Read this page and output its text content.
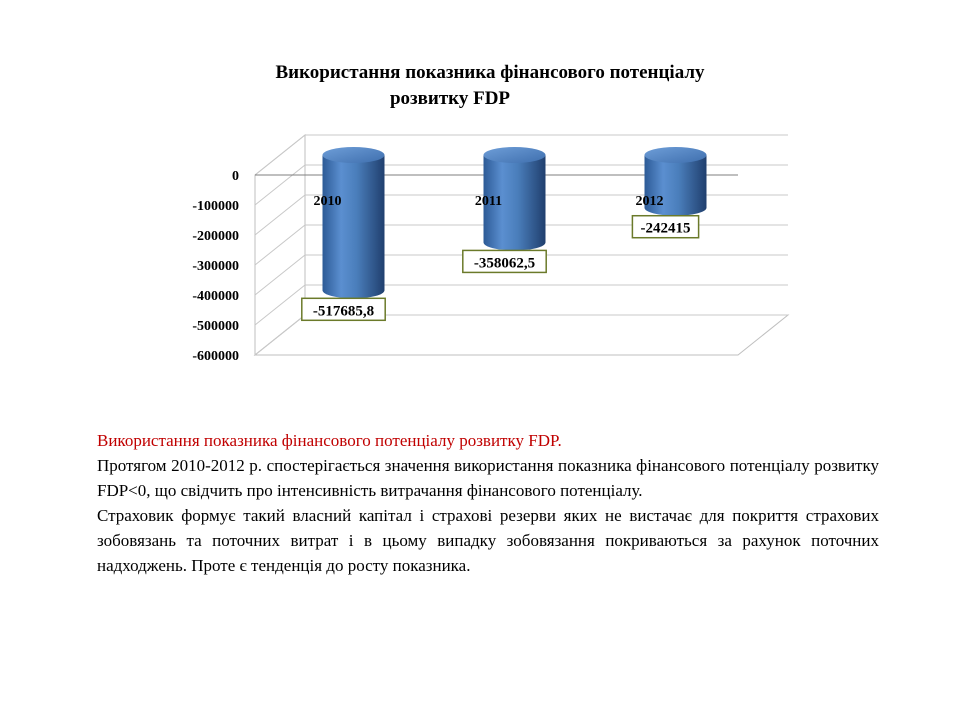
Використання показника фінансового потенціалу
розвитку FDP
0
-100000
-200000
-300000
-400000
-500000
-600000
2010	2011	2012
-517685,8
-358062,5
-242415

Використання показника фінансового потенціалу розвитку FDP.

Протягом 2010-2012 р. спостерігається значення використання показника фінансового потенціалу розвитку FDP<0, що свідчить про інтенсивність витрачання фінансового потенціалу.

Страховик формує такий власний капітал і страхові резерви яких не вистачає для покриття страхових зобовязань та поточних витрат і в цьому випадку зобовязання покриваються за рахунок поточних надходжень. Проте є тенденція до росту показника.
